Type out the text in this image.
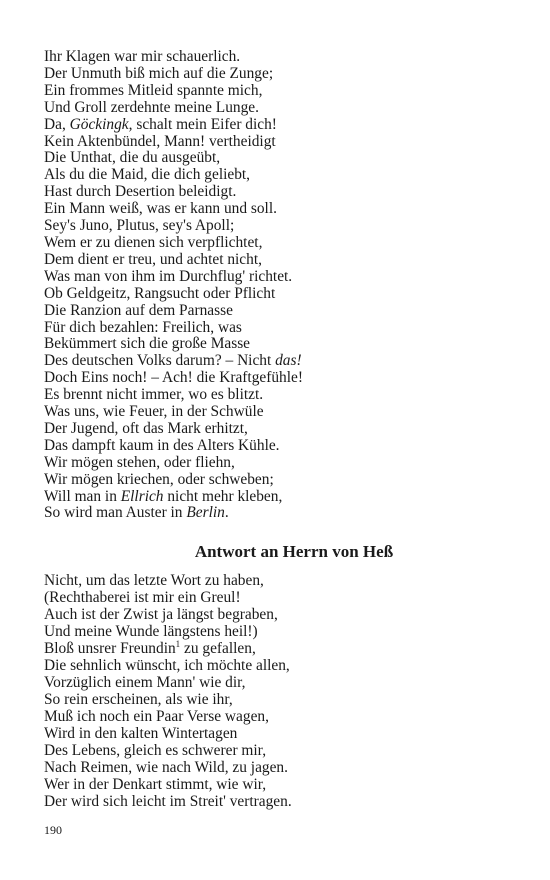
Ihr Klagen war mir schauerlich.
Der Unmuth biß mich auf die Zunge;
Ein frommes Mitleid spannte mich,
Und Groll zerdehnte meine Lunge.
Da, Göckingk, schalt mein Eifer dich!
Kein Aktenbündel, Mann! vertheidigt
Die Unthat, die du ausgeübt,
Als du die Maid, die dich geliebt,
Hast durch Desertion beleidigt.
Ein Mann weiß, was er kann und soll.
Sey's Juno, Plutus, sey's Apoll;
Wem er zu dienen sich verpflichtet,
Dem dient er treu, und achtet nicht,
Was man von ihm im Durchflug' richtet.
Ob Geldgeitz, Rangsucht oder Pflicht
Die Ranzion auf dem Parnasse
Für dich bezahlen: Freilich, was
Bekümmert sich die große Masse
Des deutschen Volks darum? – Nicht das!
Doch Eins noch! – Ach! die Kraftgefühle!
Es brennt nicht immer, wo es blitzt.
Was uns, wie Feuer, in der Schwüle
Der Jugend, oft das Mark erhitzt,
Das dampft kaum in des Alters Kühle.
Wir mögen stehen, oder fliehn,
Wir mögen kriechen, oder schweben;
Will man in Ellrich nicht mehr kleben,
So wird man Auster in Berlin.
Antwort an Herrn von Heß
Nicht, um das letzte Wort zu haben,
(Rechthaberei ist mir ein Greul!
Auch ist der Zwist ja längst begraben,
Und meine Wunde längstens heil!)
Bloß unsrer Freundin$^1$ zu gefallen,
Die sehnlich wünscht, ich möchte allen,
Vorzüglich einem Mann' wie dir,
So rein erscheinen, als wie ihr,
Muß ich noch ein Paar Verse wagen,
Wird in den kalten Wintertagen
Des Lebens, gleich es schwerer mir,
Nach Reimen, wie nach Wild, zu jagen.
Wer in der Denkart stimmt, wie wir,
Der wird sich leicht im Streit' vertragen.
190
